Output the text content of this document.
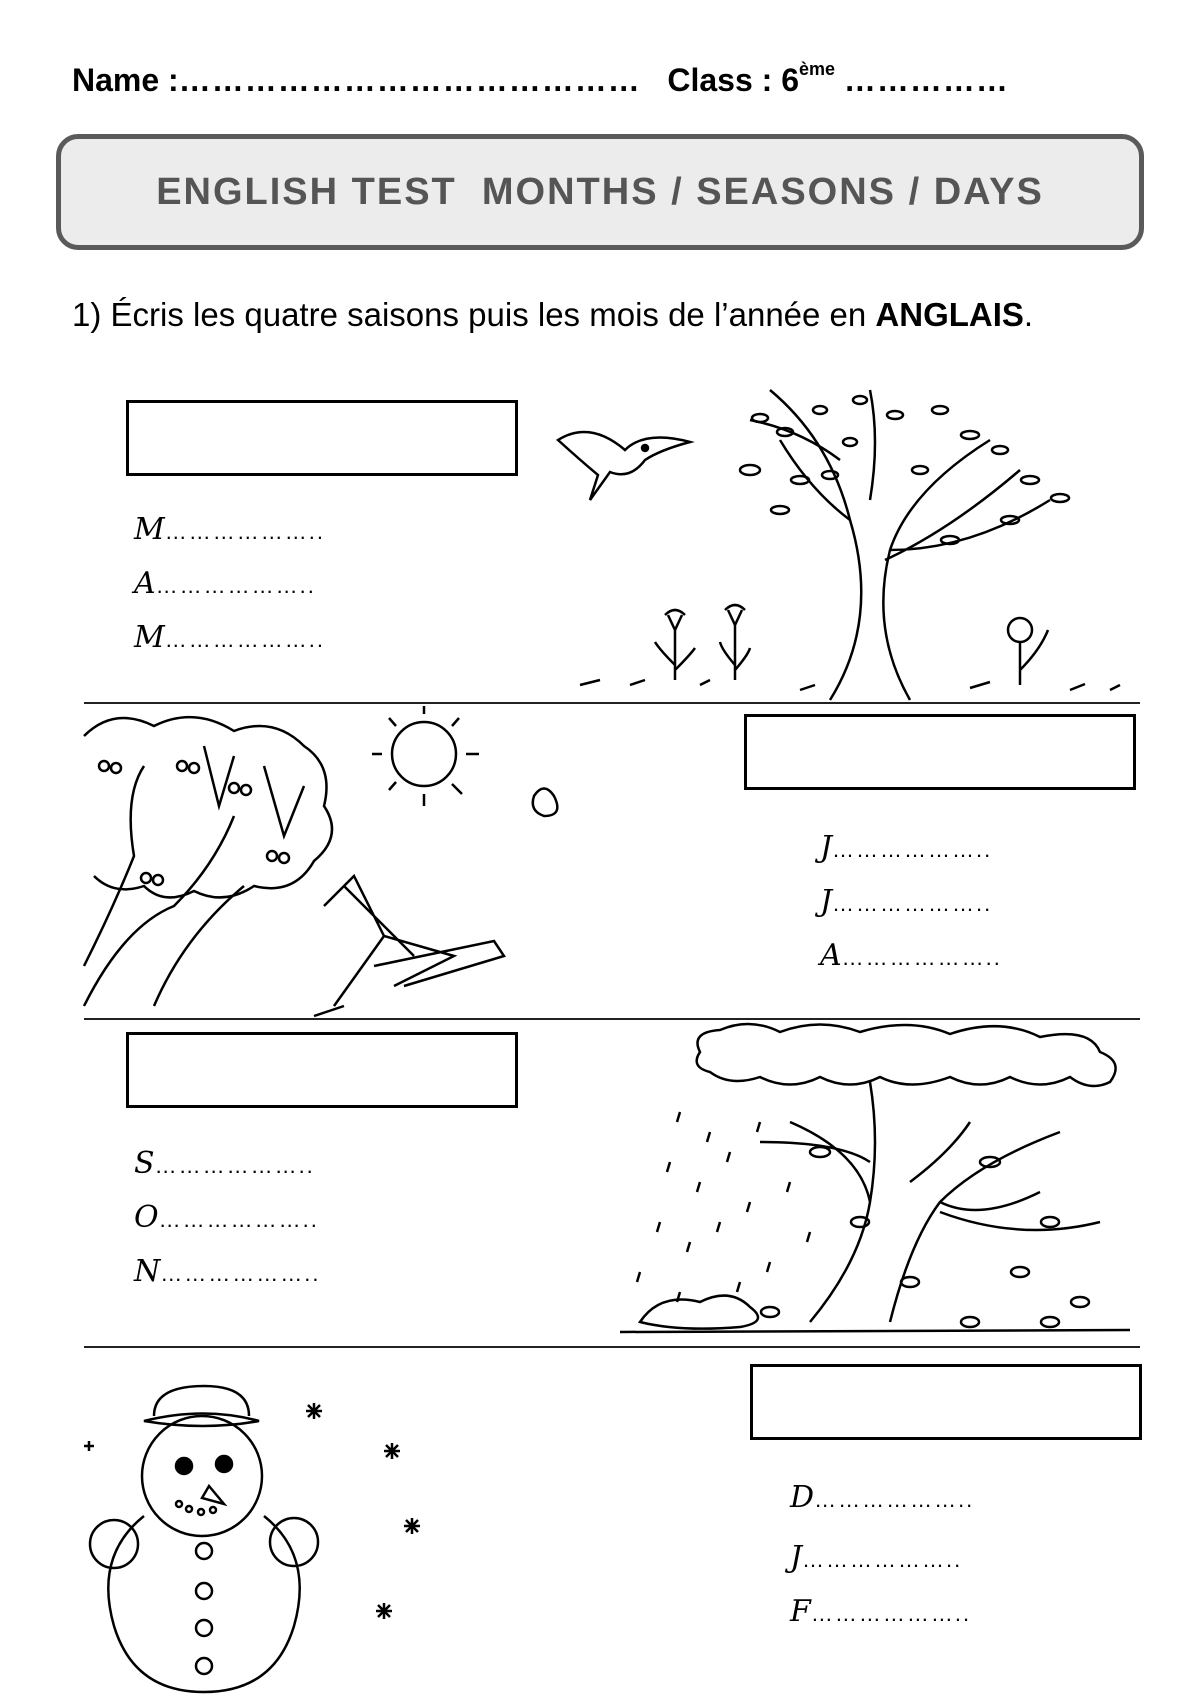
Name :…………………………………… Class : 6ème ……………
ENGLISH TEST  MONTHS / SEASONS / DAYS
1) Écris les quatre saisons puis les mois de l’année en ANGLAIS.
M………………..
A………………..
M………………..
J………………..
J………………..
A………………..
S………………..
O………………..
N………………..
D………………..
J………………..
F………………..
